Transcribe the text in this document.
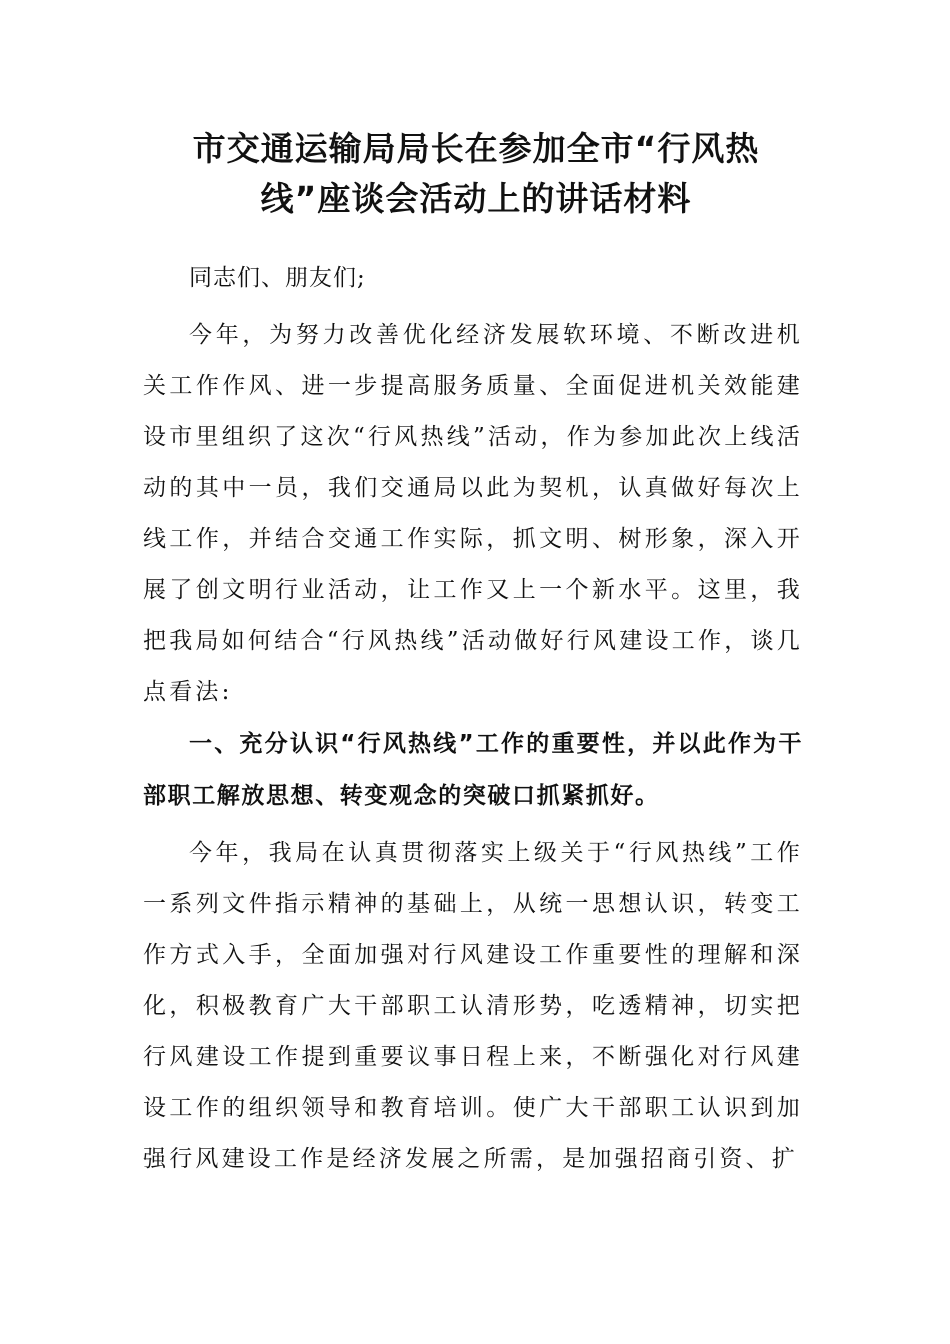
市交通运输局局长在参加全市“行风热线”座谈会活动上的讲话材料

同志们、朋友们;

今年，为努力改善优化经济发展软环境、不断改进机关工作作风、进一步提高服务质量、全面促进机关效能建设市里组织了这次“行风热线”活动，作为参加此次上线活动的其中一员，我们交通局以此为契机，认真做好每次上线工作，并结合交通工作实际，抓文明、树形象，深入开展了创文明行业活动，让工作又上一个新水平。这里，我把我局如何结合“行风热线”活动做好行风建设工作，谈几点看法:

一、充分认识“行风热线”工作的重要性，并以此作为干部职工解放思想、转变观念的突破口抓紧抓好。

今年，我局在认真贯彻落实上级关于“行风热线”工作一系列文件指示精神的基础上，从统一思想认识，转变工作方式入手，全面加强对行风建设工作重要性的理解和深化，积极教育广大干部职工认清形势，吃透精神，切实把行风建设工作提到重要议事日程上来，不断强化对行风建设工作的组织领导和教育培训。使广大干部职工认识到加强行风建设工作是经济发展之所需，是加强招商引资、扩
